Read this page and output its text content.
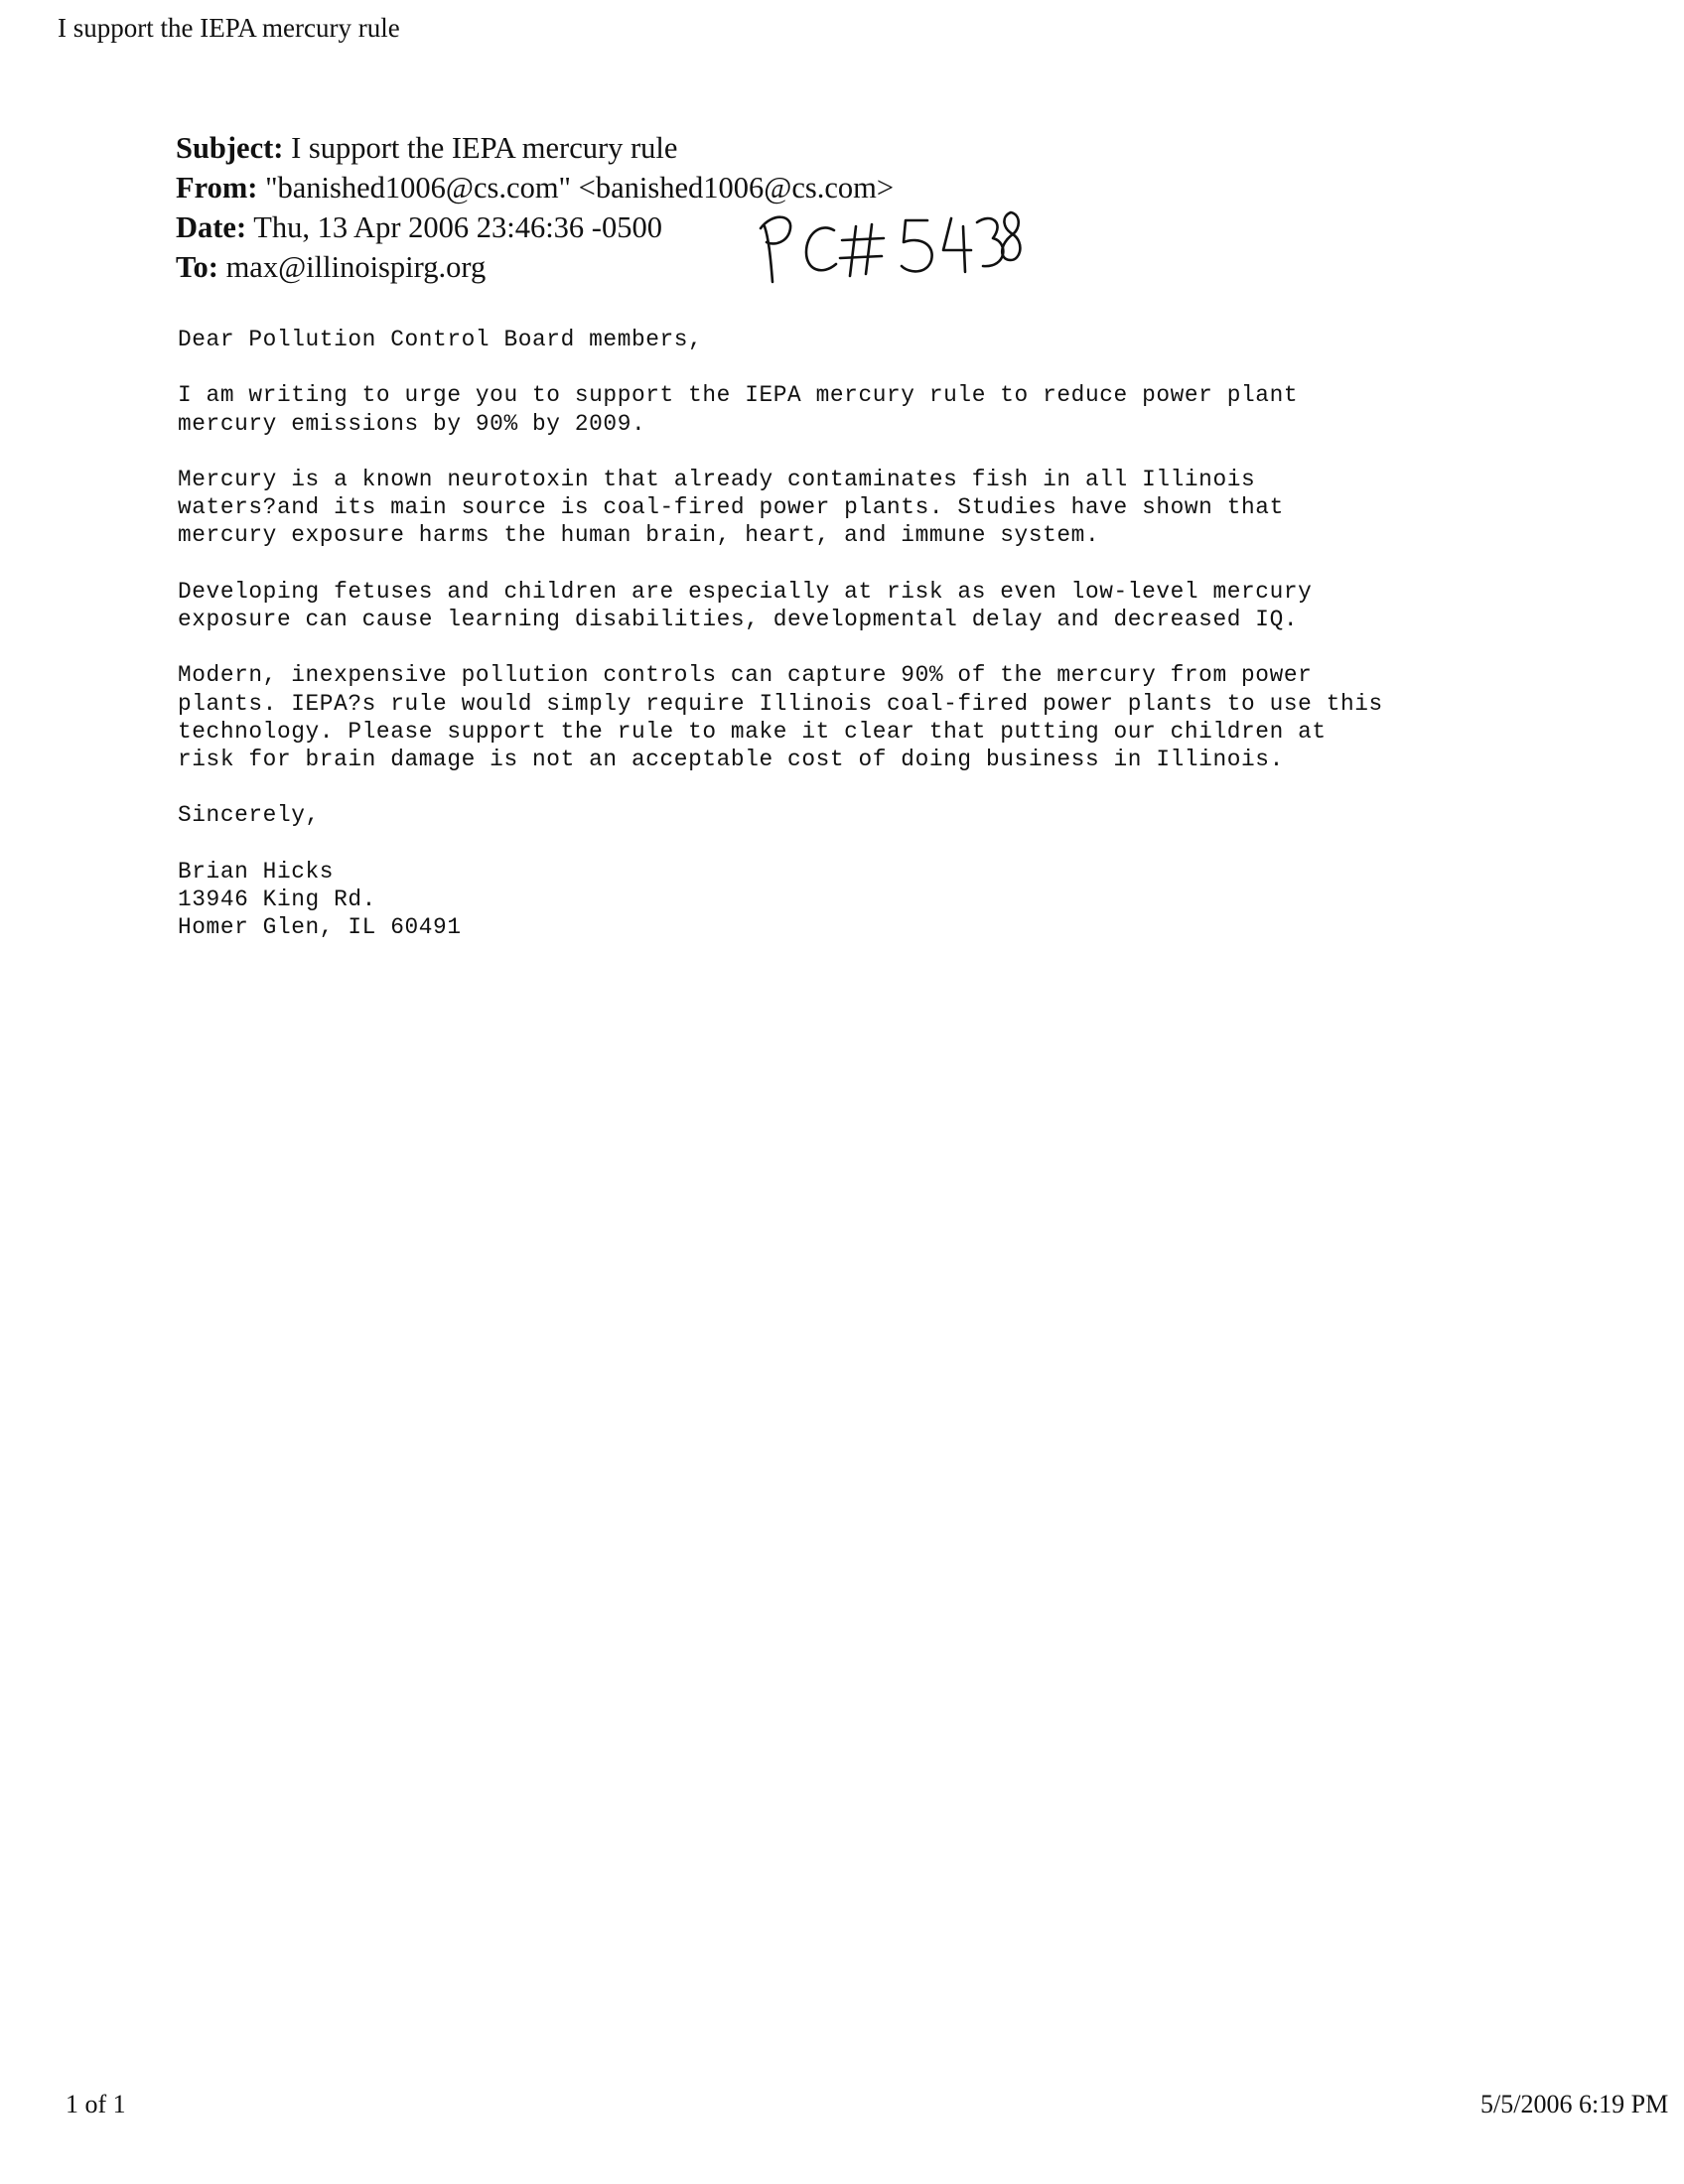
I support the IEPA mercury rule
Subject: I support the IEPA mercury rule
From: "banished1006@cs.com" <banished1006@cs.com>
Date: Thu, 13 Apr 2006 23:46:36 -0500
To: max@illinoispirg.org

Dear Pollution Control Board members,

I am writing to urge you to support the IEPA mercury rule to reduce power plant
mercury emissions by 90% by 2009.

Mercury is a known neurotoxin that already contaminates fish in all Illinois
waters?and its main source is coal-fired power plants. Studies have shown that
mercury exposure harms the human brain, heart, and immune system.

Developing fetuses and children are especially at risk as even low-level mercury
exposure can cause learning disabilities, developmental delay and decreased IQ.

Modern, inexpensive pollution controls can capture 90% of the mercury from power
plants. IEPA?s rule would simply require Illinois coal-fired power plants to use this
technology. Please support the rule to make it clear that putting our children at
risk for brain damage is not an acceptable cost of doing business in Illinois.

Sincerely,

Brian Hicks
13946 King Rd.
Homer Glen, IL 60491

1 of 1	5/5/2006 6:19 PM
